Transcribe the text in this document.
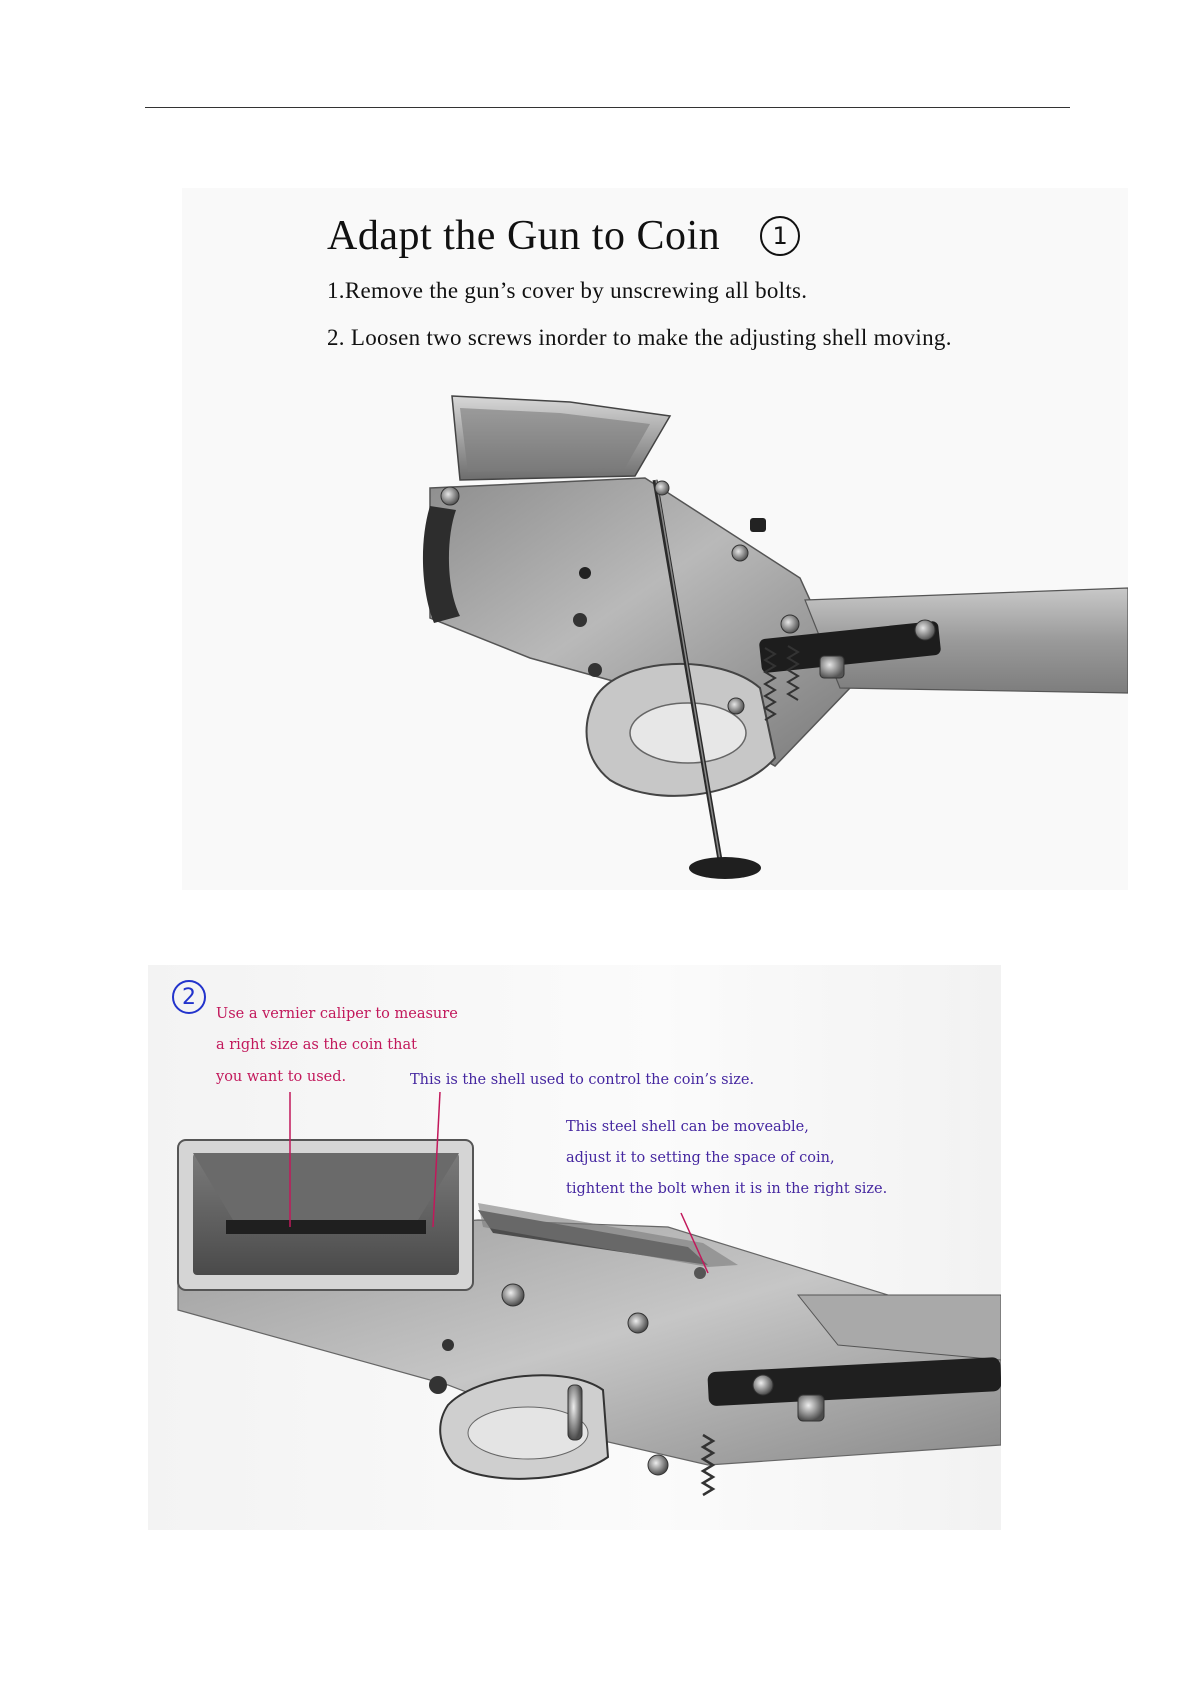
Adapt the Gun to Coin	1
1.Remove the gun’s cover by unscrewing all bolts.
2. Loosen two screws inorder to make the adjusting shell moving.
2
Use a vernier caliper to measure
a right size as the coin that
you want to used.	This is the shell used to control the coin’s size.
This steel shell can be moveable,
adjust it to setting the space of coin,
tightent the bolt when it is in the right size.
